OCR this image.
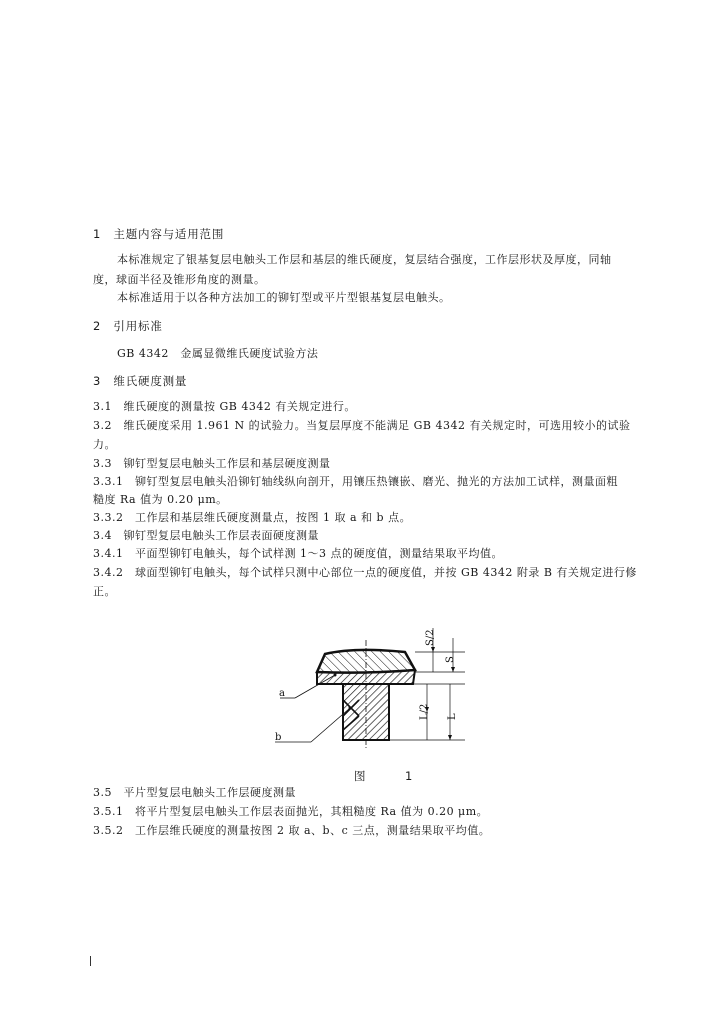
1　主题内容与适用范围
本标准规定了银基复层电触头工作层和基层的维氏硬度，复层结合强度，工作层形状及厚度，同轴
度，球面半径及锥形角度的测量。
本标准适用于以各种方法加工的铆钉型或平片型银基复层电触头。
2　引用标准
GB 4342　金属显微维氏硬度试验方法
3　维氏硬度测量
3.1　维氏硬度的测量按 GB 4342 有关规定进行。
3.2　维氏硬度采用 1.961 N 的试验力。当复层厚度不能满足 GB 4342 有关规定时，可选用较小的试验
力。
3.3　铆钉型复层电触头工作层和基层硬度测量
3.3.1　铆钉型复层电触头沿铆钉轴线纵向剖开，用镶压热镶嵌、磨光、抛光的方法加工试样，测量面粗
糙度 Ra 值为 0.20 μm。
3.3.2　工作层和基层维氏硬度测量点，按图 1 取 a 和 b 点。
3.4　铆钉型复层电触头工作层表面硬度测量
3.4.1　平面型铆钉电触头，每个试样测 1～3 点的硬度值，测量结果取平均值。
3.4.2　球面型铆钉电触头，每个试样只测中心部位一点的硬度值，并按 GB 4342 附录 B 有关规定进行修
正。
S/2
S
L/2 L
a
b
图　1
3.5　平片型复层电触头工作层硬度测量
3.5.1　将平片型复层电触头工作层表面抛光，其粗糙度 Ra 值为 0.20 μm。
3.5.2　工作层维氏硬度的测量按图 2 取 a、b、c 三点，测量结果取平均值。
